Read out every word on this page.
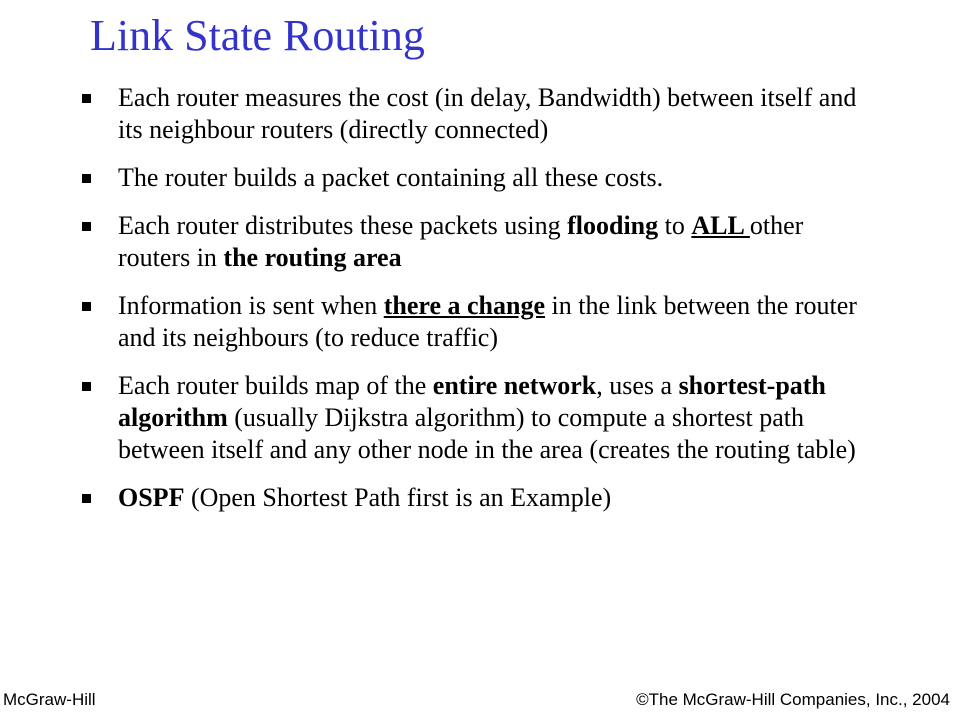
Link State Routing
Each router measures the cost (in delay, Bandwidth) between itself and its neighbour routers (directly connected)
The router builds a packet containing all these costs.
Each router distributes these packets using flooding to ALL other routers in the routing area
Information is sent when there a change in the link between the router and its neighbours (to reduce traffic)
Each router builds map of the entire network, uses a shortest-path algorithm (usually Dijkstra algorithm) to compute a shortest path between itself and any other node in the area (creates the routing table)
OSPF (Open Shortest Path first is an Example)
McGraw-Hill	©The McGraw-Hill Companies, Inc., 2004
